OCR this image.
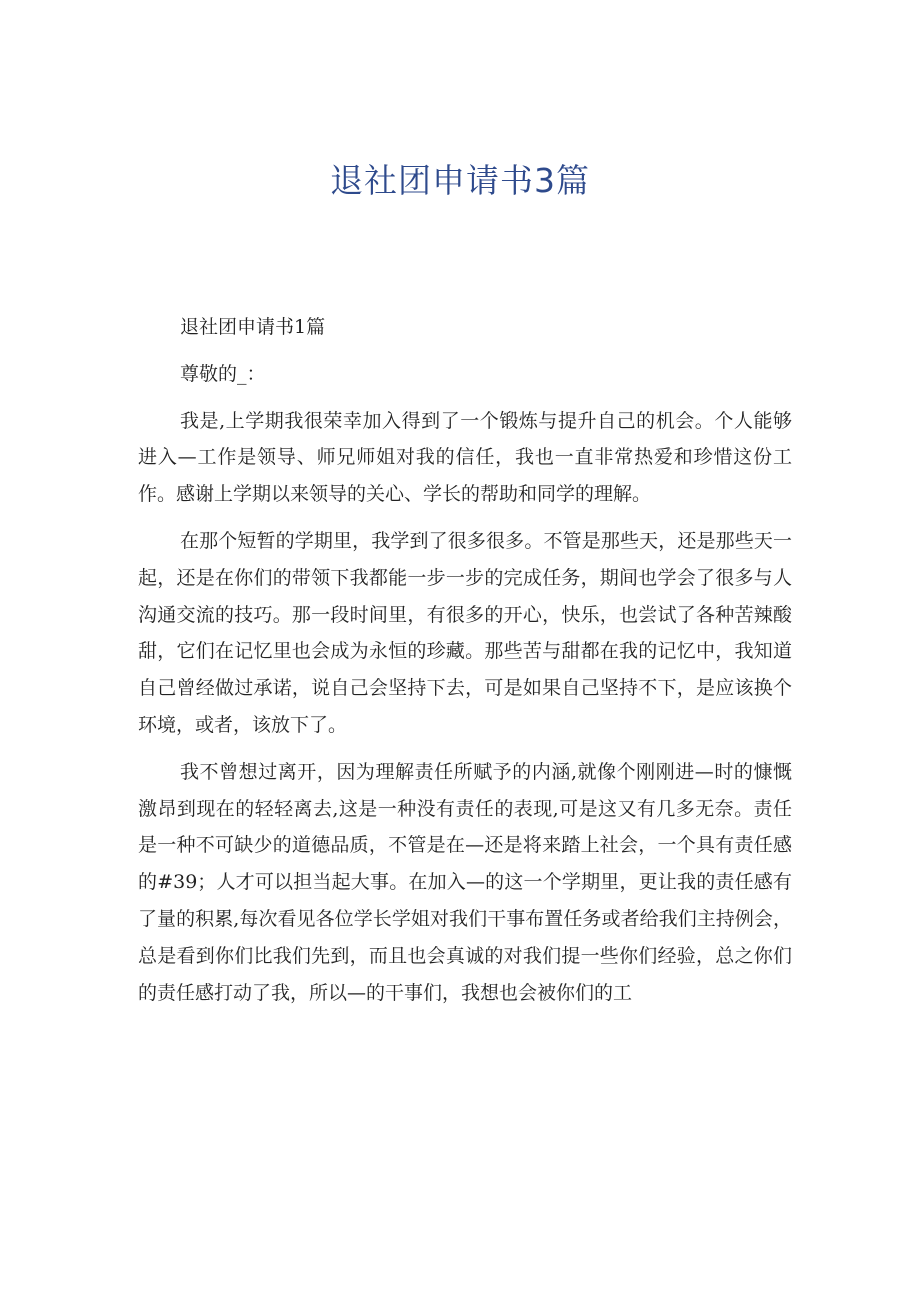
退社团申请书3篇

退社团申请书1篇

尊敬的_：

我是,上学期我很荣幸加入得到了一个锻炼与提升自己的机会。个人能够进入—工作是领导、师兄师姐对我的信任，我也一直非常热爱和珍惜这份工作。感谢上学期以来领导的关心、学长的帮助和同学的理解。

在那个短暂的学期里，我学到了很多很多。不管是那些天，还是那些天一起，还是在你们的带领下我都能一步一步的完成任务，期间也学会了很多与人沟通交流的技巧。那一段时间里，有很多的开心，快乐，也尝试了各种苦辣酸甜，它们在记忆里也会成为永恒的珍藏。那些苦与甜都在我的记忆中，我知道自己曾经做过承诺，说自己会坚持下去，可是如果自己坚持不下，是应该换个环境，或者，该放下了。

我不曾想过离开，因为理解责任所赋予的内涵,就像个刚刚进—时的慷慨激昂到现在的轻轻离去,这是一种没有责任的表现,可是这又有几多无奈。责任是一种不可缺少的道德品质，不管是在—还是将来踏上社会，一个具有责任感的#39；人才可以担当起大事。在加入—的这一个学期里，更让我的责任感有了量的积累,每次看见各位学长学姐对我们干事布置任务或者给我们主持例会，总是看到你们比我们先到，而且也会真诚的对我们提一些你们经验，总之你们的责任感打动了我，所以—的干事们，我想也会被你们的工
